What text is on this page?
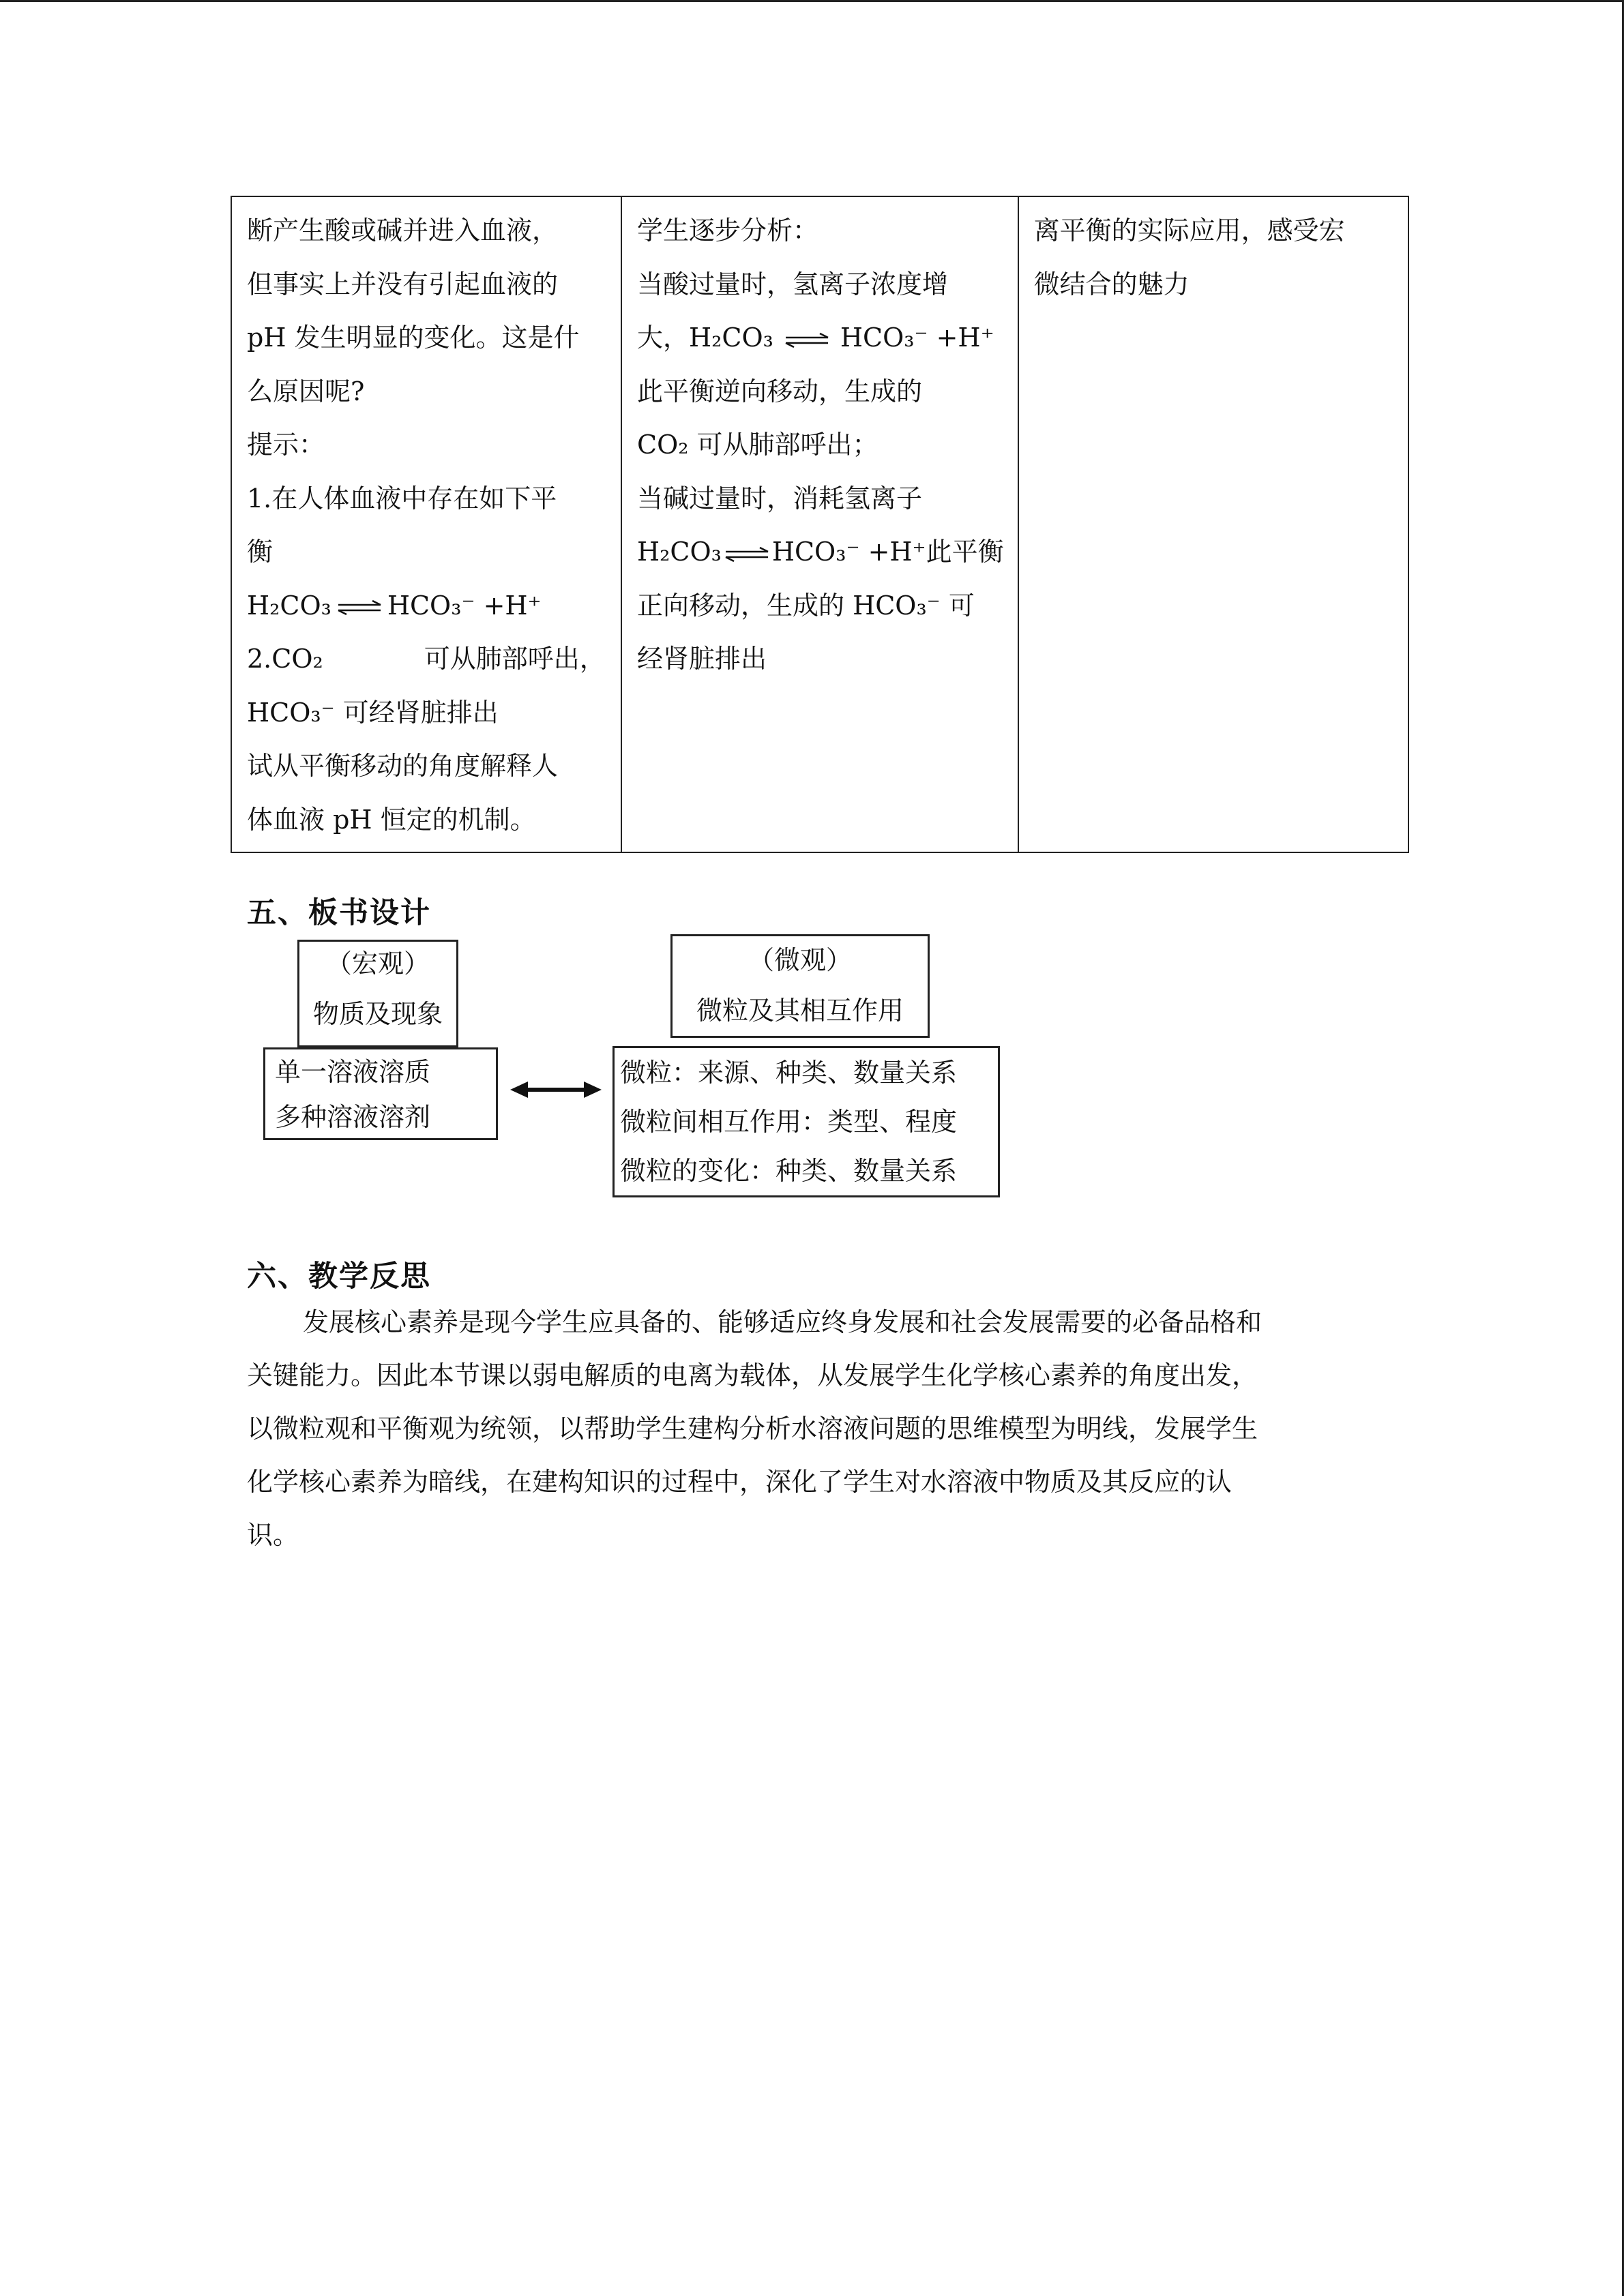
断产生酸或碱并进入血液，
但事实上并没有引起血液的
pH 发生明显的变化。这是什
么原因呢?
提示：
1.在人体血液中存在如下平
衡
H₂CO₃ ⇌ HCO₃⁻ +H⁺
2.CO₂	可从肺部呼出，
HCO₃⁻ 可经肾脏排出
试从平衡移动的角度解释人
体血液 pH 恒定的机制。

学生逐步分析：
当酸过量时，氢离子浓度增
大，H₂CO₃ ⇌ HCO₃⁻ +H⁺
此平衡逆向移动，生成的
CO₂ 可从肺部呼出；
当碱过量时，消耗氢离子
H₂CO₃ ⇌ HCO₃⁻ +H⁺此平衡
正向移动，生成的 HCO₃⁻ 可
经肾脏排出

离平衡的实际应用，感受宏
微结合的魅力
五、板书设计
（宏观）
物质及现象
（微观）
微粒及其相互作用
单一溶液溶质
多种溶液溶剂
微粒：来源、种类、数量关系
微粒间相互作用：类型、程度
微粒的变化：种类、数量关系
六、教学反思
发展核心素养是现今学生应具备的、能够适应终身发展和社会发展需要的必备品格和
关键能力。因此本节课以弱电解质的电离为载体，从发展学生化学核心素养的角度出发，
以微粒观和平衡观为统领，以帮助学生建构分析水溶液问题的思维模型为明线，发展学生
化学核心素养为暗线，在建构知识的过程中，深化了学生对水溶液中物质及其反应的认
识。
